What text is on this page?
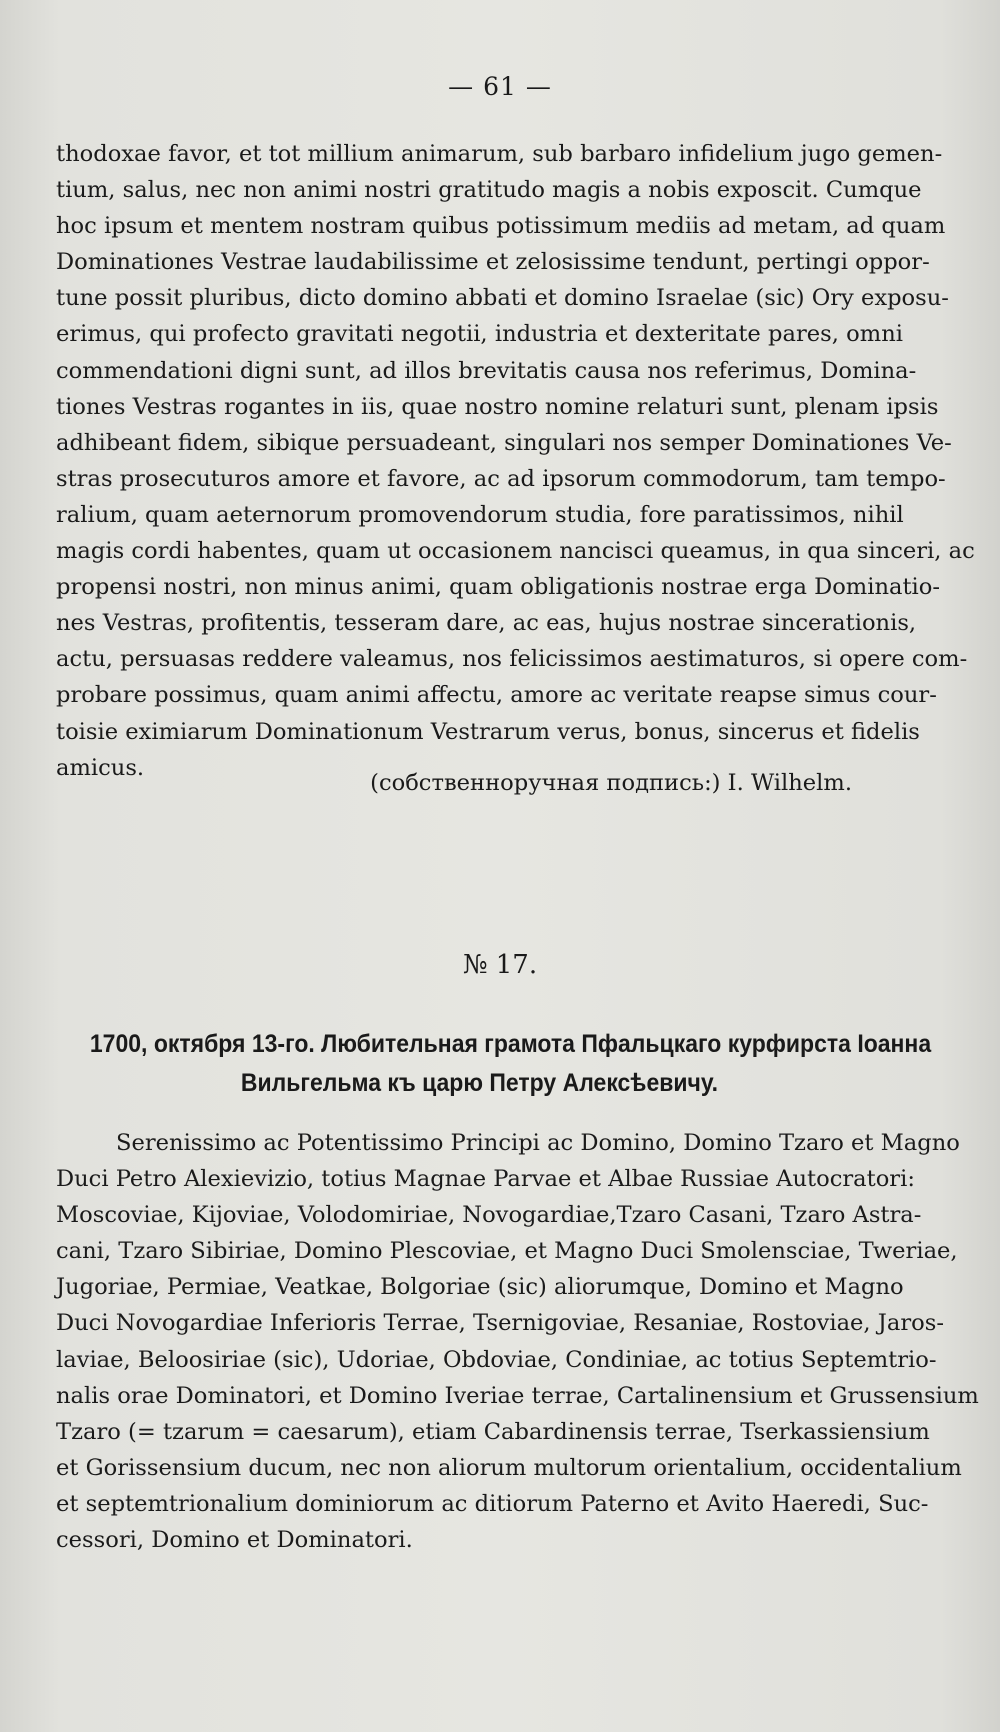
— 61 —
thodoxae favor, et tot millium animarum, sub barbaro infidelium jugo gemen-
tium, salus, nec non animi nostri gratitudo magis a nobis exposcit. Cumque
hoc ipsum et mentem nostram quibus potissimum mediis ad metam, ad quam
Dominationes Vestrae laudabilissime et zelosissime tendunt, pertingi oppor-
tune possit pluribus, dicto domino abbati et domino Israelae (sic) Ory exposu-
erimus, qui profecto gravitati negotii, industria et dexteritate pares, omni
commendationi digni sunt, ad illos brevitatis causa nos referimus, Domina-
tiones Vestras rogantes in iis, quae nostro nomine relaturi sunt, plenam ipsis
adhibeant fidem, sibique persuadeant, singulari nos semper Dominationes Ve-
stras prosecuturos amore et favore, ac ad ipsorum commodorum, tam tempo-
ralium, quam aeternorum promovendorum studia, fore paratissimos, nihil
magis cordi habentes, quam ut occasionem nancisci queamus, in qua sinceri, ac
propensi nostri, non minus animi, quam obligationis nostrae erga Dominatio-
nes Vestras, profitentis, tesseram dare, ac eas, hujus nostrae sincerationis,
actu, persuasas reddere valeamus, nos felicissimos aestimaturos, si opere com-
probare possimus, quam animi affectu, amore ac veritate reapse simus cour-
toisie eximiarum Dominationum Vestrarum verus, bonus, sincerus et fidelis
amicus.
(собственноручная подпись:) I. Wilhelm.
№ 17.
1700, октября 13-го. Любительная грамота Пфальцкаго курфирста Іоанна
Вильгельма къ царю Петру Алексѣевичу.
Serenissimo ac Potentissimo Principi ac Domino, Domino Tzaro et Magno
Duci Petro Alexievizio, totius Magnae Parvae et Albae Russiae Autocratori:
Moscoviae, Kijoviae, Volodomiriae, Novogardiae,Tzaro Casani, Tzaro Astra-
cani, Tzaro Sibiriae, Domino Plescoviae, et Magno Duci Smolensciae, Tweriae,
Jugoriae, Permiae, Veatkae, Bolgoriae (sic) aliorumque, Domino et Magno
Duci Novogardiae Inferioris Terrae, Tsernigoviae, Resaniae, Rostoviae, Jaros-
laviae, Beloosiriae (sic), Udoriae, Obdoviae, Condiniae, ac totius Septemtrio-
nalis orae Dominatori, et Domino Iveriae terrae, Cartalinensium et Grussensium
Tzaro (= tzarum = caesarum), etiam Cabardinensis terrae, Tserkassiensium
et Gorissensium ducum, nec non aliorum multorum orientalium, occidentalium
et septemtrionalium dominiorum ac ditiorum Paterno et Avito Haeredi, Suc-
cessori, Domino et Dominatori.
